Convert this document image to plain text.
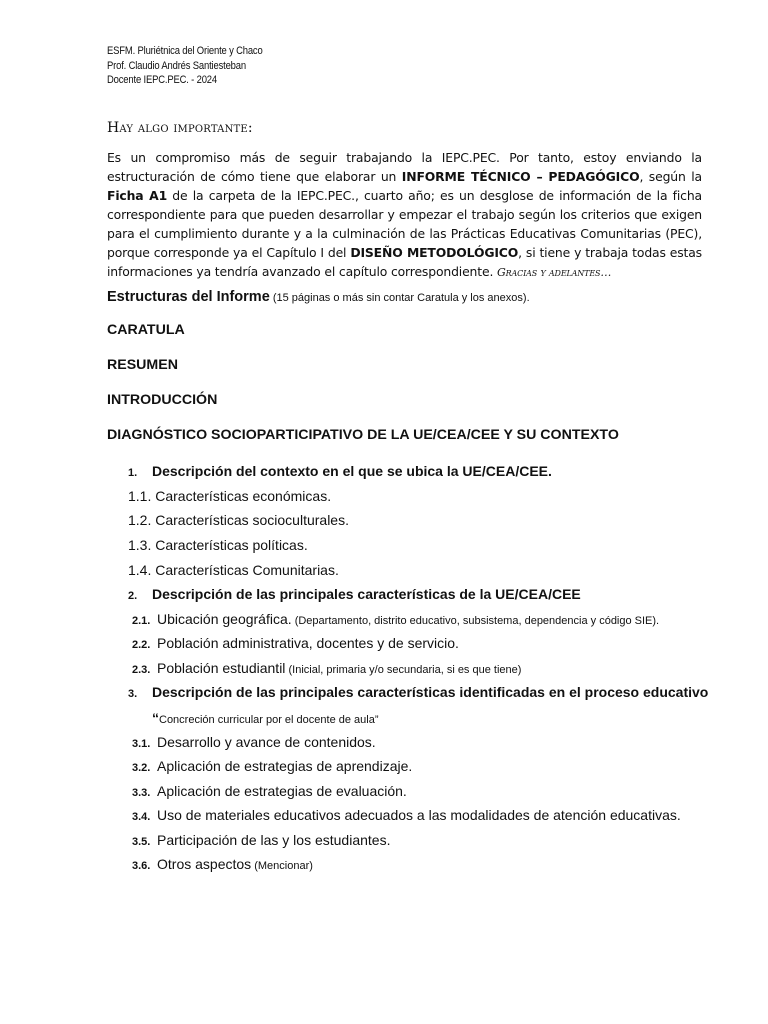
ESFM. Pluriétnica del Oriente y Chaco
Prof. Claudio Andrés Santiesteban
Docente IEPC.PEC. - 2024
Hay algo importante:
Es un compromiso más de seguir trabajando la IEPC.PEC. Por tanto, estoy enviando la estructuración de cómo tiene que elaborar un INFORME TÉCNICO – PEDAGÓGICO, según la Ficha A1 de la carpeta de la IEPC.PEC., cuarto año; es un desglose de información de la ficha correspondiente para que pueden desarrollar y empezar el trabajo según los criterios que exigen para el cumplimiento durante y a la culminación de las Prácticas Educativas Comunitarias (PEC), porque corresponde ya el Capítulo I del DISEÑO METODOLÓGICO, si tiene y trabaja todas estas informaciones ya tendría avanzado el capítulo correspondiente. Gracias y adelantes…
Estructuras del Informe (15 páginas o más sin contar Caratula y los anexos).
CARATULA
RESUMEN
INTRODUCCIÓN
DIAGNÓSTICO SOCIOPARTICIPATIVO DE LA UE/CEA/CEE Y SU CONTEXTO
1. Descripción del contexto en el que se ubica la UE/CEA/CEE.
1.1. Características económicas.
1.2. Características socioculturales.
1.3. Características políticas.
1.4. Características Comunitarias.
2. Descripción de las principales características de la UE/CEA/CEE
2.1. Ubicación geográfica. (Departamento, distrito educativo, subsistema, dependencia y código SIE).
2.2. Población administrativa, docentes y de servicio.
2.3. Población estudiantil (Inicial, primaria y/o secundaria, si es que tiene)
3. Descripción de las principales características identificadas en el proceso educativo
“Concreción curricular por el docente de aula”
3.1. Desarrollo y avance de contenidos.
3.2. Aplicación de estrategias de aprendizaje.
3.3. Aplicación de estrategias de evaluación.
3.4. Uso de materiales educativos adecuados a las modalidades de atención educativas.
3.5. Participación de las y los estudiantes.
3.6. Otros aspectos (Mencionar)
